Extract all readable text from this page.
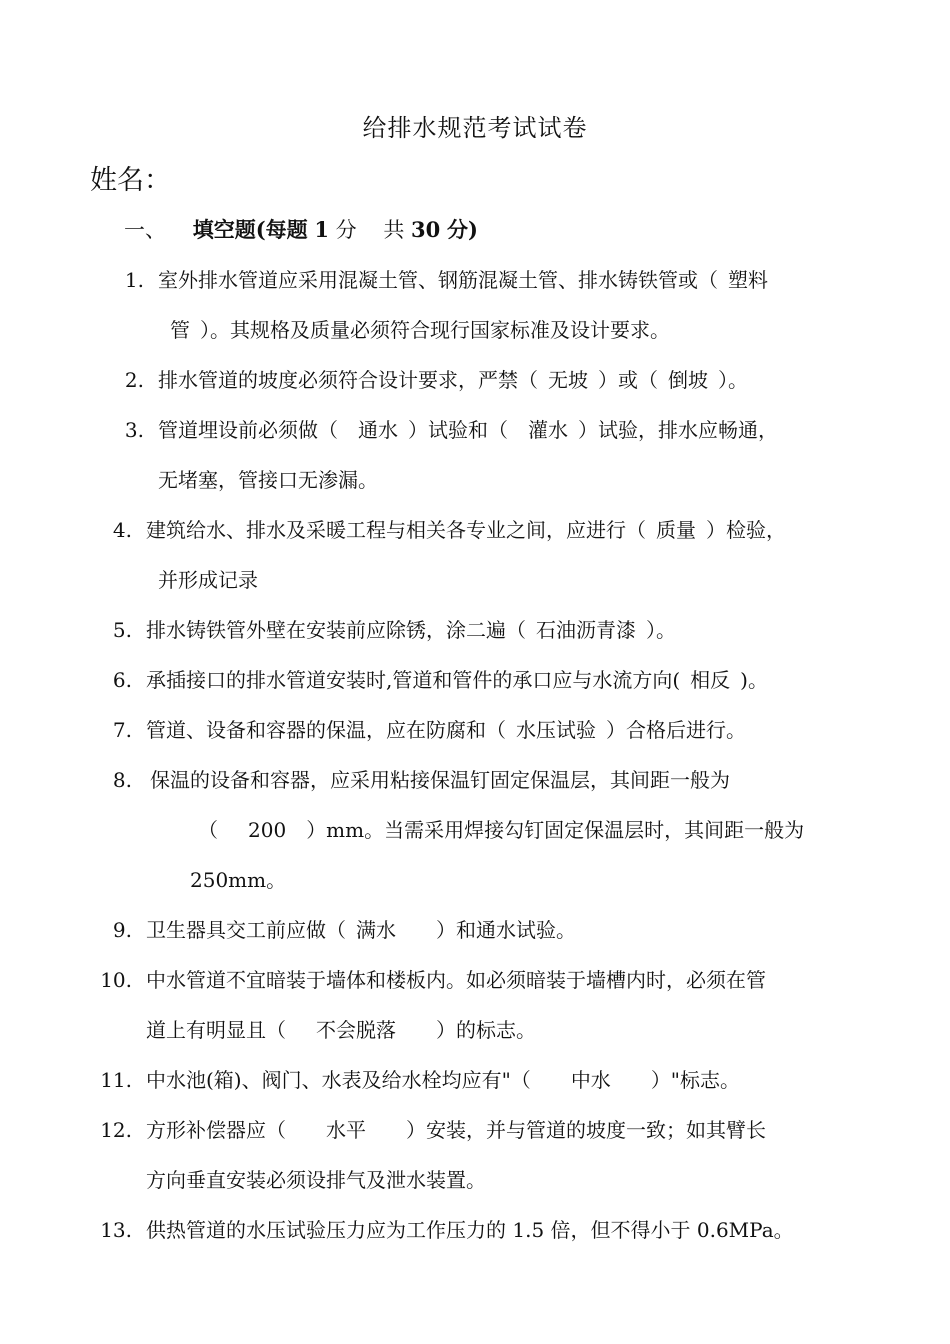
给排水规范考试试卷
姓名：
一、 填空题(每题 1 分 共 30 分)
1. 室外排水管道应采用混凝土管、钢筋混凝土管、排水铸铁管或（  塑料
管  ）。其规格及质量必须符合现行国家标准及设计要求。
2. 排水管道的坡度必须符合设计要求，严禁（  无坡  ）或（  倒坡  ）。
3. 管道埋设前必须做（  通水  ）试验和（  灌水  ）试验，排水应畅通，
无堵塞，管接口无渗漏。
4. 建筑给水、排水及采暖工程与相关各专业之间，应进行（  质量  ）检验，
并形成记录
5. 排水铸铁管外壁在安装前应除锈，涂二遍（  石油沥青漆  ）。
6. 承插接口的排水管道安装时,管道和管件的承口应与水流方向(  相反  )。
7. 管道、设备和容器的保温，应在防腐和（  水压试验  ）合格后进行。
8. 保温的设备和容器，应采用粘接保温钉固定保温层，其间距一般为
（   200  ）mm。当需采用焊接勾钉固定保温层时，其间距一般为
250mm。
9. 卫生器具交工前应做（  满水   ）和通水试验。
10. 中水管道不宜暗装于墙体和楼板内。如必须暗装于墙槽内时，必须在管
道上有明显且（   不会脱落   ）的标志。
11. 中水池(箱)、阀门、水表及给水栓均应有"（   中水   ）"标志。
12. 方形补偿器应（   水平   ）安装，并与管道的坡度一致；如其臂长
方向垂直安装必须设排气及泄水装置。
13. 供热管道的水压试验压力应为工作压力的 1.5 倍，但不得小于 0.6MPa。
